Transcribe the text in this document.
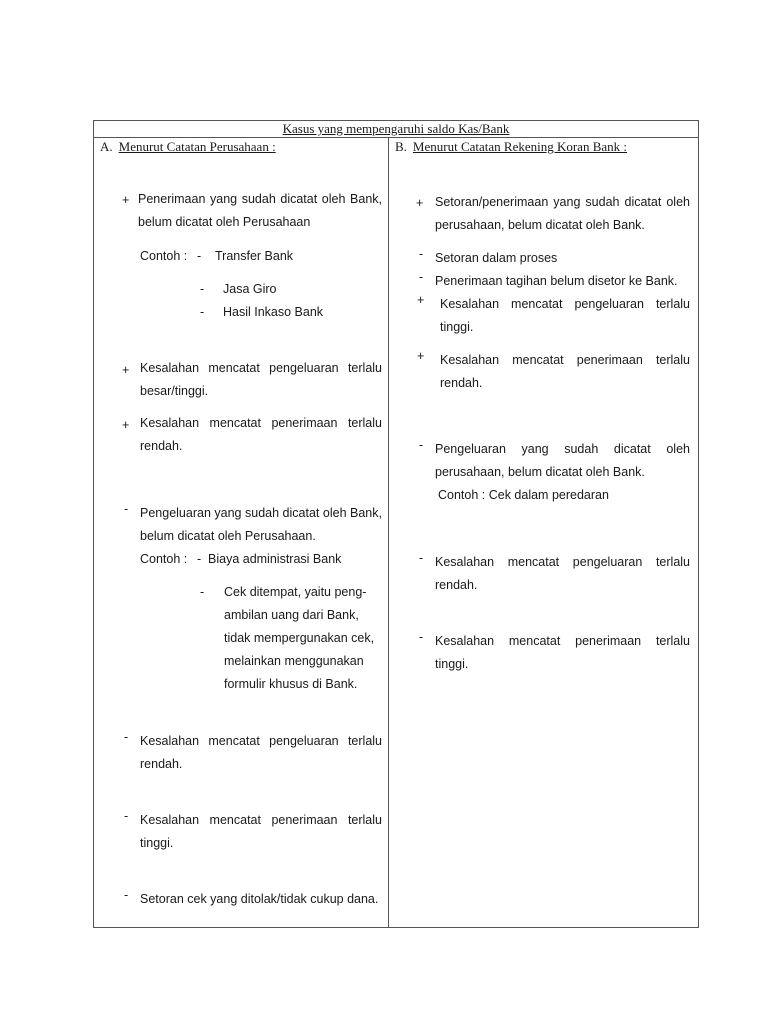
Kasus yang mempengaruhi saldo Kas/Bank
A. Menurut Catatan Perusahaan :
+ Penerimaan yang sudah dicatat oleh Bank, belum dicatat oleh Perusahaan
Contoh : - Transfer Bank
- Jasa Giro
- Hasil Inkaso Bank
+ Kesalahan mencatat pengeluaran terlalu besar/tinggi.
+ Kesalahan mencatat penerimaan terlalu rendah.
- Pengeluaran yang sudah dicatat oleh Bank, belum dicatat oleh Perusahaan.
Contoh : - Biaya administrasi Bank
- Cek ditempat, yaitu peng-ambilan uang dari Bank, tidak mempergunakan cek, melainkan menggunakan formulir khusus di Bank.
- Kesalahan mencatat pengeluaran terlalu rendah.
- Kesalahan mencatat penerimaan terlalu tinggi.
- Setoran cek yang ditolak/tidak cukup dana.
B. Menurut Catatan Rekening Koran Bank :
+ Setoran/penerimaan yang sudah dicatat oleh perusahaan, belum dicatat oleh Bank.
- Setoran dalam proses
- Penerimaan tagihan belum disetor ke Bank.
+ Kesalahan mencatat pengeluaran terlalu tinggi.
+ Kesalahan mencatat penerimaan terlalu rendah.
- Pengeluaran yang sudah dicatat oleh perusahaan, belum dicatat oleh Bank.
Contoh : Cek dalam peredaran
- Kesalahan mencatat pengeluaran terlalu rendah.
- Kesalahan mencatat penerimaan terlalu tinggi.
